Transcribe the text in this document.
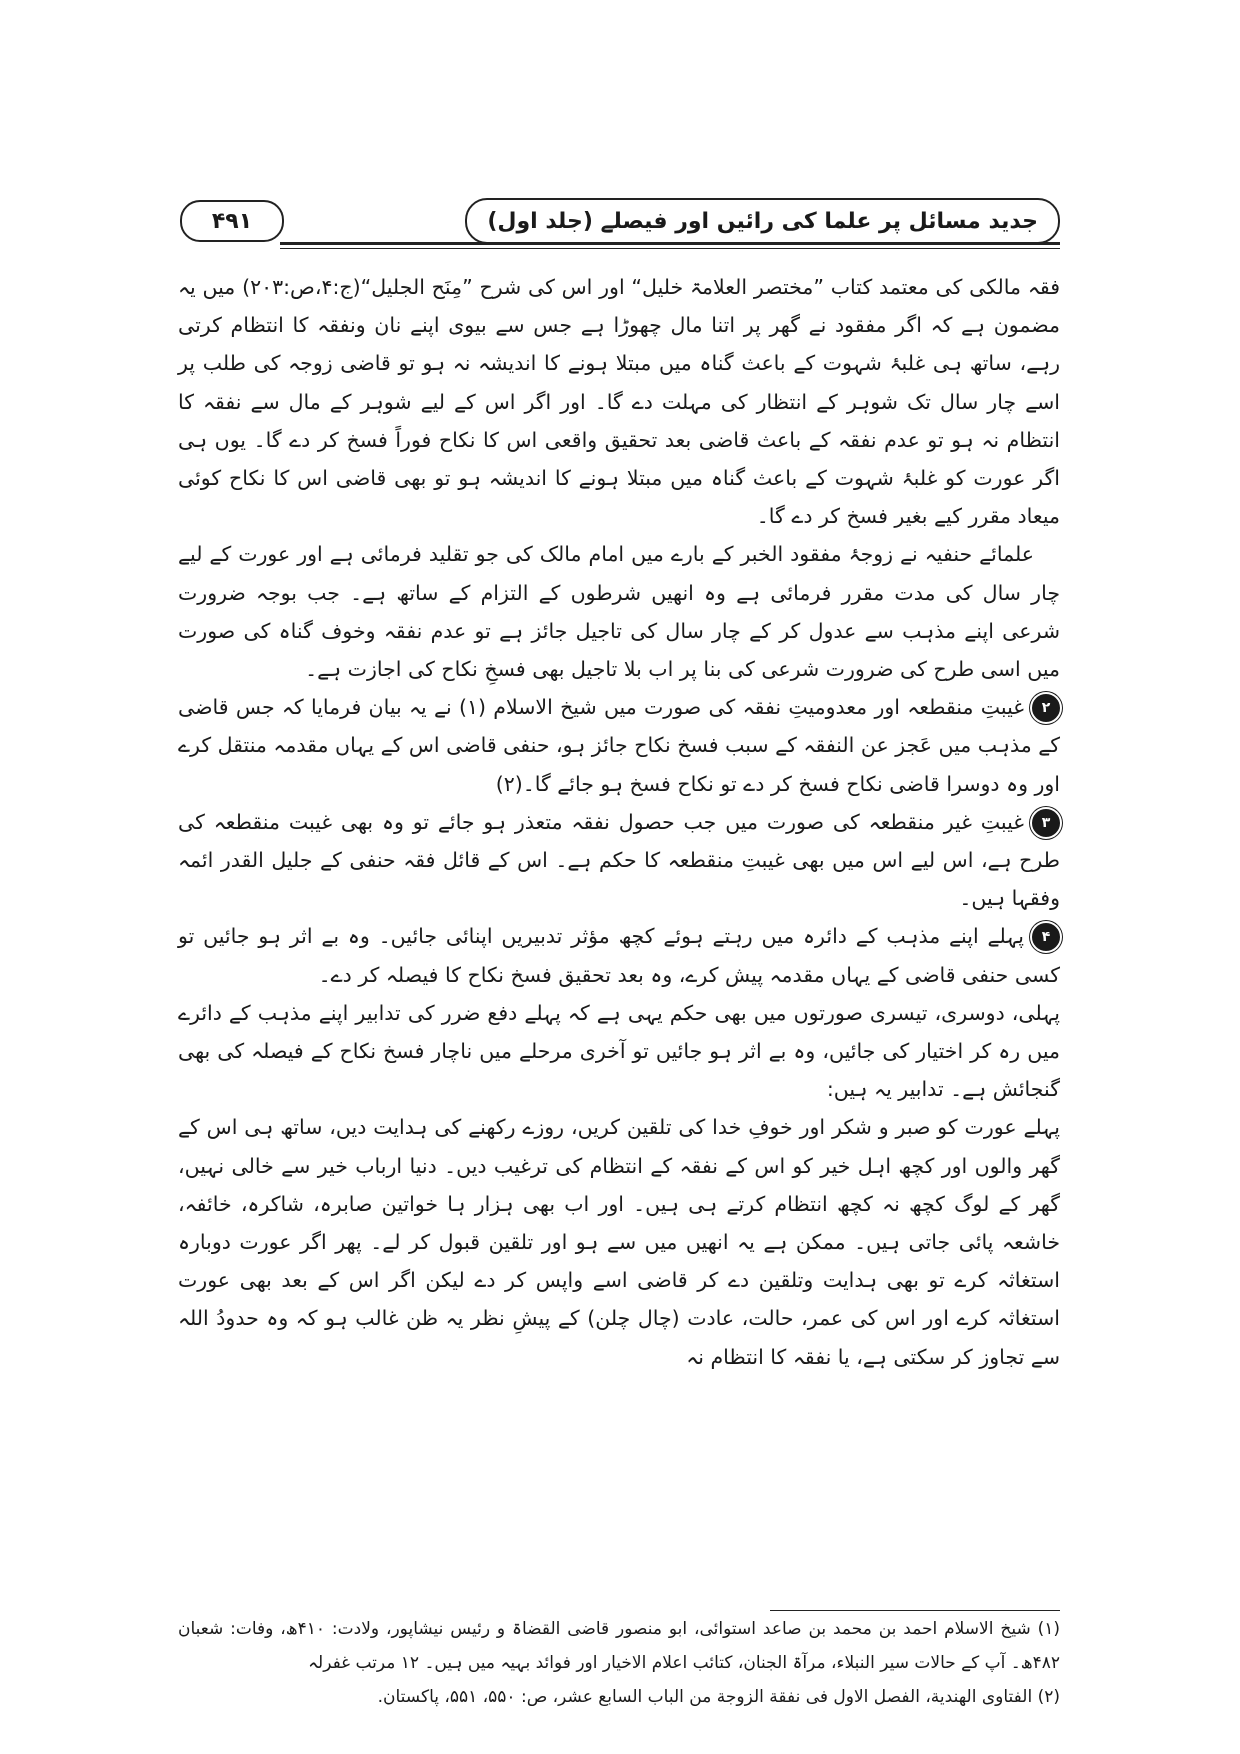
جدید مسائل پر علما کی رائیں اور فیصلے (جلد اول)
۴۹۱

فقہ مالکی کی معتمد کتاب ”مختصر العلامۃ خلیل“ اور اس کی شرح ”مِنَح الجلیل“(ج:۴،ص:۲۰۳) میں یہ مضمون ہے کہ اگر مفقود نے گھر پر اتنا مال چھوڑا ہے جس سے بیوی اپنے نان ونفقہ کا انتظام کرتی رہے، ساتھ ہی غلبۂ شہوت کے باعث گناہ میں مبتلا ہونے کا اندیشہ نہ ہو تو قاضی زوجہ کی طلب پر اسے چار سال تک شوہر کے انتظار کی مہلت دے گا۔ اور اگر اس کے لیے شوہر کے مال سے نفقہ کا انتظام نہ ہو تو عدم نفقہ کے باعث قاضی بعد تحقیق واقعی اس کا نکاح فوراً فسخ کر دے گا۔ یوں ہی اگر عورت کو غلبۂ شہوت کے باعث گناہ میں مبتلا ہونے کا اندیشہ ہو تو بھی قاضی اس کا نکاح کوئی میعاد مقرر کیے بغیر فسخ کر دے گا۔

علمائے حنفیہ نے زوجۂ مفقود الخبر کے بارے میں امام مالک کی جو تقلید فرمائی ہے اور عورت کے لیے چار سال کی مدت مقرر فرمائی ہے وہ انھیں شرطوں کے التزام کے ساتھ ہے۔ جب بوجہ ضرورت شرعی اپنے مذہب سے عدول کر کے چار سال کی تاجیل جائز ہے تو عدم نفقہ وخوف گناہ کی صورت میں اسی طرح کی ضرورت شرعی کی بنا پر اب بلا تاجیل بھی فسخِ نکاح کی اجازت ہے۔

۲غیبتِ منقطعہ اور معدومیتِ نفقہ کی صورت میں شیخ الاسلام (۱) نے یہ بیان فرمایا کہ جس قاضی کے مذہب میں عَجز عن النفقہ کے سبب فسخ نکاح جائز ہو، حنفی قاضی اس کے یہاں مقدمہ منتقل کرے اور وہ دوسرا قاضی نکاح فسخ کر دے تو نکاح فسخ ہو جائے گا۔(۲)

۳غیبتِ غیر منقطعہ کی صورت میں جب حصول نفقہ متعذر ہو جائے تو وہ بھی غیبت منقطعہ کی طرح ہے، اس لیے اس میں بھی غیبتِ منقطعہ کا حکم ہے۔ اس کے قائل فقہ حنفی کے جلیل القدر ائمہ وفقہا ہیں۔

۴پہلے اپنے مذہب کے دائرہ میں رہتے ہوئے کچھ مؤثر تدبیریں اپنائی جائیں۔ وہ بے اثر ہو جائیں تو کسی حنفی قاضی کے یہاں مقدمہ پیش کرے، وہ بعد تحقیق فسخ نکاح کا فیصلہ کر دے۔

پہلی، دوسری، تیسری صورتوں میں بھی حکم یہی ہے کہ پہلے دفع ضرر کی تدابیر اپنے مذہب کے دائرے میں رہ کر اختیار کی جائیں، وہ بے اثر ہو جائیں تو آخری مرحلے میں ناچار فسخ نکاح کے فیصلہ کی بھی گنجائش ہے۔ تدابیر یہ ہیں:

پہلے عورت کو صبر و شکر اور خوفِ خدا کی تلقین کریں، روزے رکھنے کی ہدایت دیں، ساتھ ہی اس کے گھر والوں اور کچھ اہل خیر کو اس کے نفقہ کے انتظام کی ترغیب دیں۔ دنیا ارباب خیر سے خالی نہیں، گھر کے لوگ کچھ نہ کچھ انتظام کرتے ہی ہیں۔ اور اب بھی ہزار ہا خواتین صابرہ، شاکرہ، خائفہ، خاشعہ پائی جاتی ہیں۔ ممکن ہے یہ انھیں میں سے ہو اور تلقین قبول کر لے۔ پھر اگر عورت دوبارہ استغاثہ کرے تو بھی ہدایت وتلقین دے کر قاضی اسے واپس کر دے لیکن اگر اس کے بعد بھی عورت استغاثہ کرے اور اس کی عمر، حالت، عادت (چال چلن) کے پیشِ نظر یہ ظن غالب ہو کہ وہ حدودُ اللہ سے تجاوز کر سکتی ہے، یا نفقہ کا انتظام نہ

(۱) شیخ الاسلام احمد بن محمد بن صاعد استوائی، ابو منصور قاضی القضاۃ و رئیس نیشاپور، ولادت: ۴۱۰ھ، وفات: شعبان ۴۸۲ھ۔ آپ کے حالات سیر النبلاء، مرآۃ الجنان، کتائب اعلام الاخیار اور فوائد بہیہ میں ہیں۔ ۱۲ مرتب غفرلہ

(۲) الفتاوی الهندیة، الفصل الاول فی نفقة الزوجة من الباب السابع عشر، ص: ۵۵۰، ۵۵۱، پاکستان.
